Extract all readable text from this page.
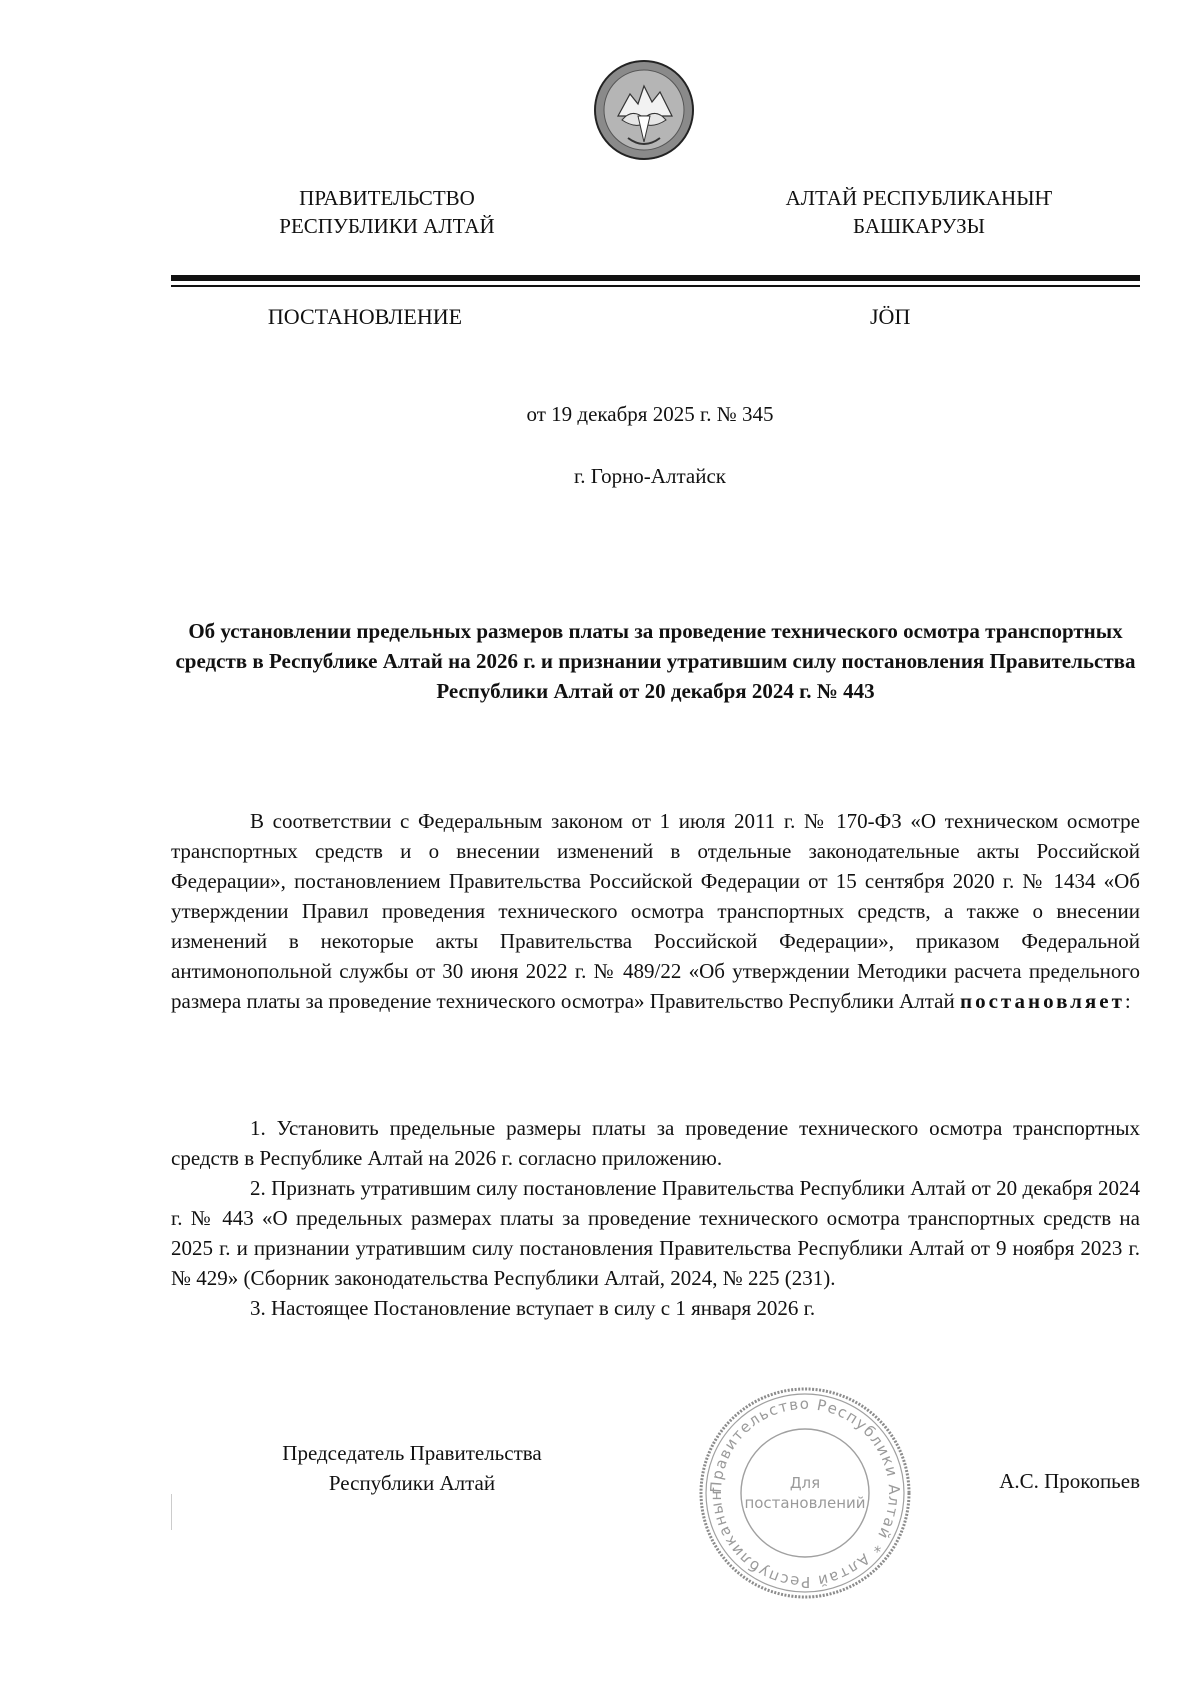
ПРАВИТЕЛЬСТВО
РЕСПУБЛИКИ АЛТАЙ
АЛТАЙ РЕСПУБЛИКАНЫҤ
БАШКАРУЗЫ
ПОСТАНОВЛЕНИЕ	JӦП
от 19 декабря 2025 г. № 345
г. Горно-Алтайск
Об установлении предельных размеров платы за проведение технического осмотра транспортных средств в Республике Алтай на 2026 г. и признании утратившим силу постановления Правительства Республики Алтай от 20 декабря 2024 г. № 443
В соответствии с Федеральным законом от 1 июля 2011 г. № 170-ФЗ «О техническом осмотре транспортных средств и о внесении изменений в отдельные законодательные акты Российской Федерации», постановлением Правительства Российской Федерации от 15 сентября 2020 г. № 1434 «Об утверждении Правил проведения технического осмотра транспортных средств, а также о внесении изменений в некоторые акты Правительства Российской Федерации», приказом Федеральной антимонопольной службы от 30 июня 2022 г. № 489/22 «Об утверждении Методики расчета предельного размера платы за проведение технического осмотра» Правительство Республики Алтай постановляет:

1. Установить предельные размеры платы за проведение технического осмотра транспортных средств в Республике Алтай на 2026 г. согласно приложению.

2. Признать утратившим силу постановление Правительства Республики Алтай от 20 декабря 2024 г. № 443 «О предельных размерах платы за проведение технического осмотра транспортных средств на 2025 г. и признании утратившим силу постановления Правительства Республики Алтай от 9 ноября 2023 г. № 429» (Сборник законодательства Республики Алтай, 2024, № 225 (231).

3. Настоящее Постановление вступает в силу с 1 января 2026 г.

Председатель Правительства
Республики Алтай	А.С. Прокопьев
Правительство Республики Алтай * Алтай Республиканыҥ
Для
постановлений
